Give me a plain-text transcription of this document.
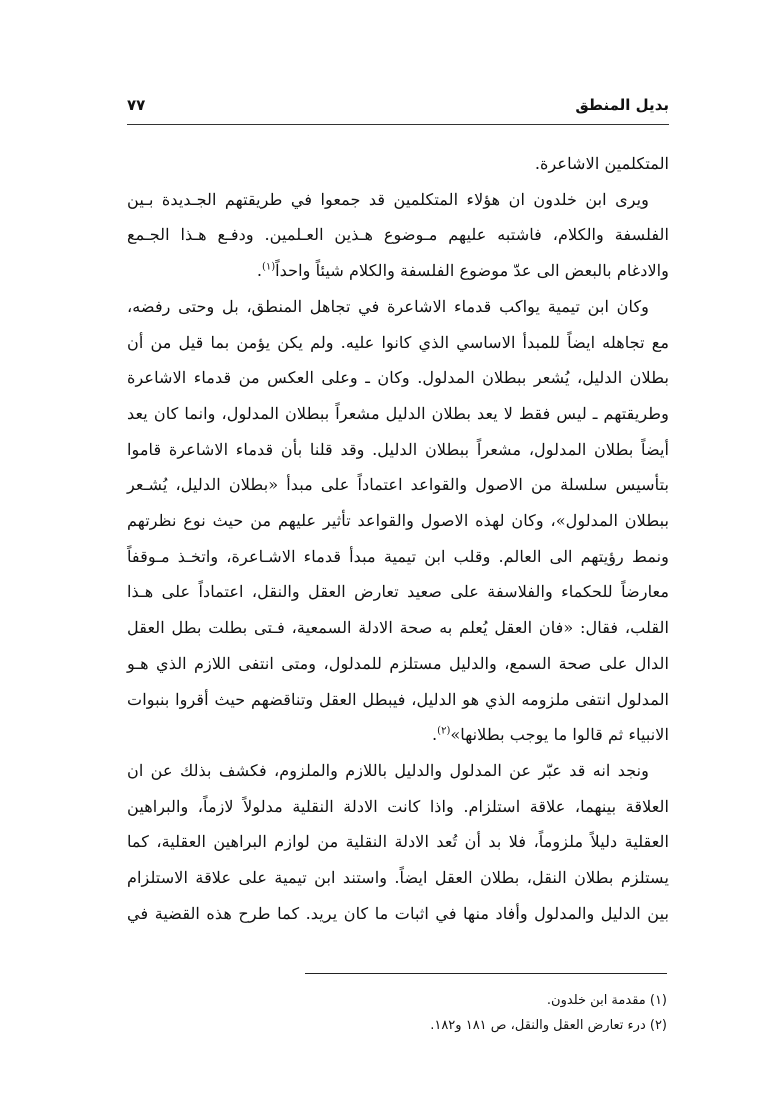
بديل المنطق
٧٧

المتكلمين الاشاعرة.

ويرى ابن خلدون ان هؤلاء المتكلمين قد جمعوا في طريقتهم الجـديدة بـين
الفلسفة والكلام، فاشتبه عليهم مـوضوع هـذين العـلمين. ودفـع هـذا الجـمع
والادغام بالبعض الى عدّ موضوع الفلسفة والكلام شيئاً واحداً$^{(١)}$.

وكان ابن تيمية يواكب قدماء الاشاعرة في تجاهل المنطق، بل وحتى رفضه،
مع تجاهله ايضاً للمبدأ الاساسي الذي كانوا عليه. ولم يكن يؤمن بما قيل من أن
بطلان الدليل، يُشعر ببطلان المدلول. وكان ـ وعلى العكس من قدماء الاشاعرة
وطريقتهم ـ ليس فقط لا يعد بطلان الدليل مشعراً ببطلان المدلول، وانما كان يعد
أيضاً بطلان المدلول، مشعراً ببطلان الدليل. وقد قلنا بأن قدماء الاشاعرة قاموا
بتأسيس سلسلة من الاصول والقواعد اعتماداً على مبدأ «بطلان الدليل، يُشـعر
ببطلان المدلول»، وكان لهذه الاصول والقواعد تأثير عليهم من حيث نوع نظرتهم
ونمط رؤيتهم الى العالم. وقلب ابن تيمية مبدأ قدماء الاشـاعرة، واتخـذ مـوقفاً
معارضاً للحكماء والفلاسفة على صعيد تعارض العقل والنقل، اعتماداً على هـذا
القلب، فقال: «فان العقل يُعلم به صحة الادلة السمعية، فـتى بطلت بطل العقل
الدال على صحة السمع، والدليل مستلزم للمدلول، ومتى انتفى اللازم الذي هـو
المدلول انتفى ملزومه الذي هو الدليل، فيبطل العقل وتناقضهم حيث أقروا بنبوات
الانبياء ثم قالوا ما يوجب بطلانها»$^{(٢)}$.

ونجد انه قد عبّر عن المدلول والدليل باللازم والملزوم، فكشف بذلك عن ان
العلاقة بينهما، علاقة استلزام. واذا كانت الادلة النقلية مدلولاً لازماً، والبراهين
العقلية دليلاً ملزوماً، فلا بد أن تُعد الادلة النقلية من لوازم البراهين العقلية، كما
يستلزم بطلان النقل، بطلان العقل ايضاً. واستند ابن تيمية على علاقة الاستلزام
بين الدليل والمدلول وأفاد منها في اثبات ما كان يريد. كما طرح هذه القضية في

(١) مقدمة ابن خلدون.
(٢) درء تعارض العقل والنقل، ص ١٨١ و١٨٢.
